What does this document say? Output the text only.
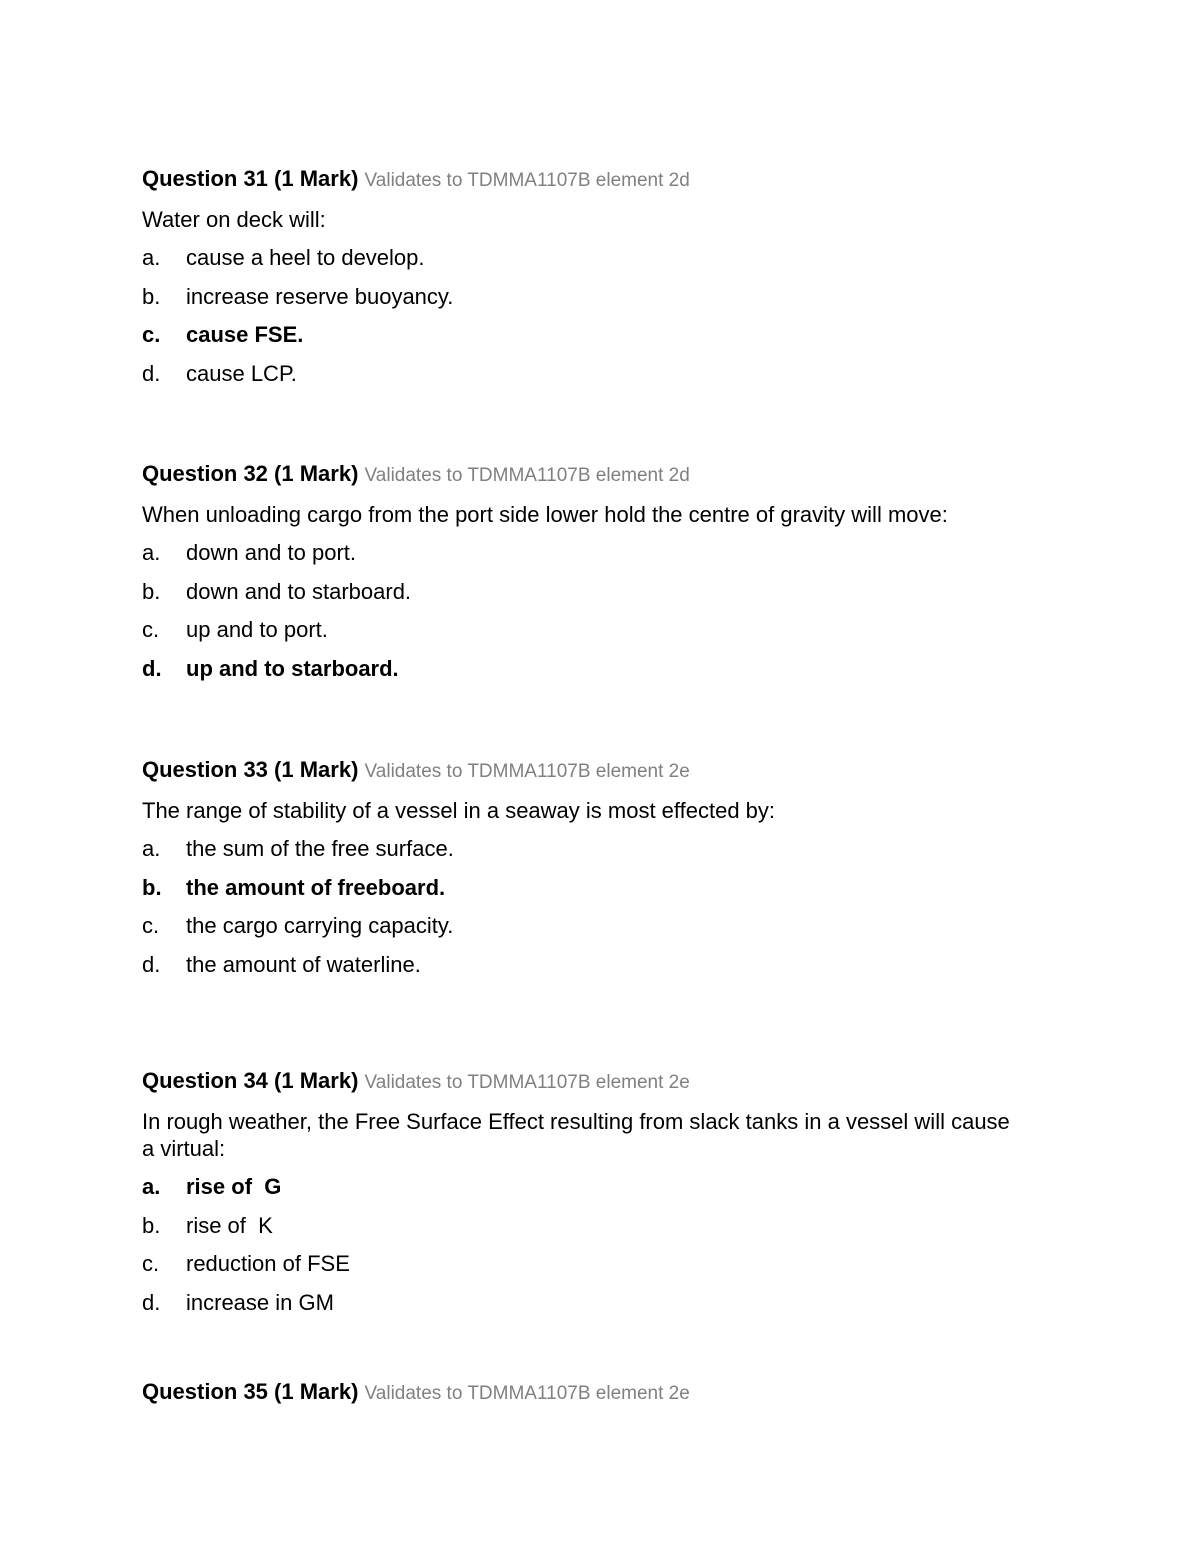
Question 31 (1 Mark) Validates to TDMMA1107B element 2d
Water on deck will:
a.	cause a heel to develop.
b.	increase reserve buoyancy.
c.	cause FSE.
d.	cause LCP.
Question 32 (1 Mark) Validates to TDMMA1107B element 2d
When unloading cargo from the port side lower hold the centre of gravity will move:
a.	down and to port.
b.	down and to starboard.
c.	up and to port.
d.	up and to starboard.
Question 33 (1 Mark) Validates to TDMMA1107B element 2e
The range of stability of a vessel in a seaway is most effected by:
a.	the sum of the free surface.
b.	the amount of freeboard.
c.	the cargo carrying capacity.
d.	the amount of waterline.
Question 34 (1 Mark) Validates to TDMMA1107B element 2e
In rough weather, the Free Surface Effect resulting from slack tanks in a vessel will cause a virtual:
a.	rise of  G
b.	rise of  K
c.	reduction of FSE
d.	increase in GM
Question 35 (1 Mark) Validates to TDMMA1107B element 2e
